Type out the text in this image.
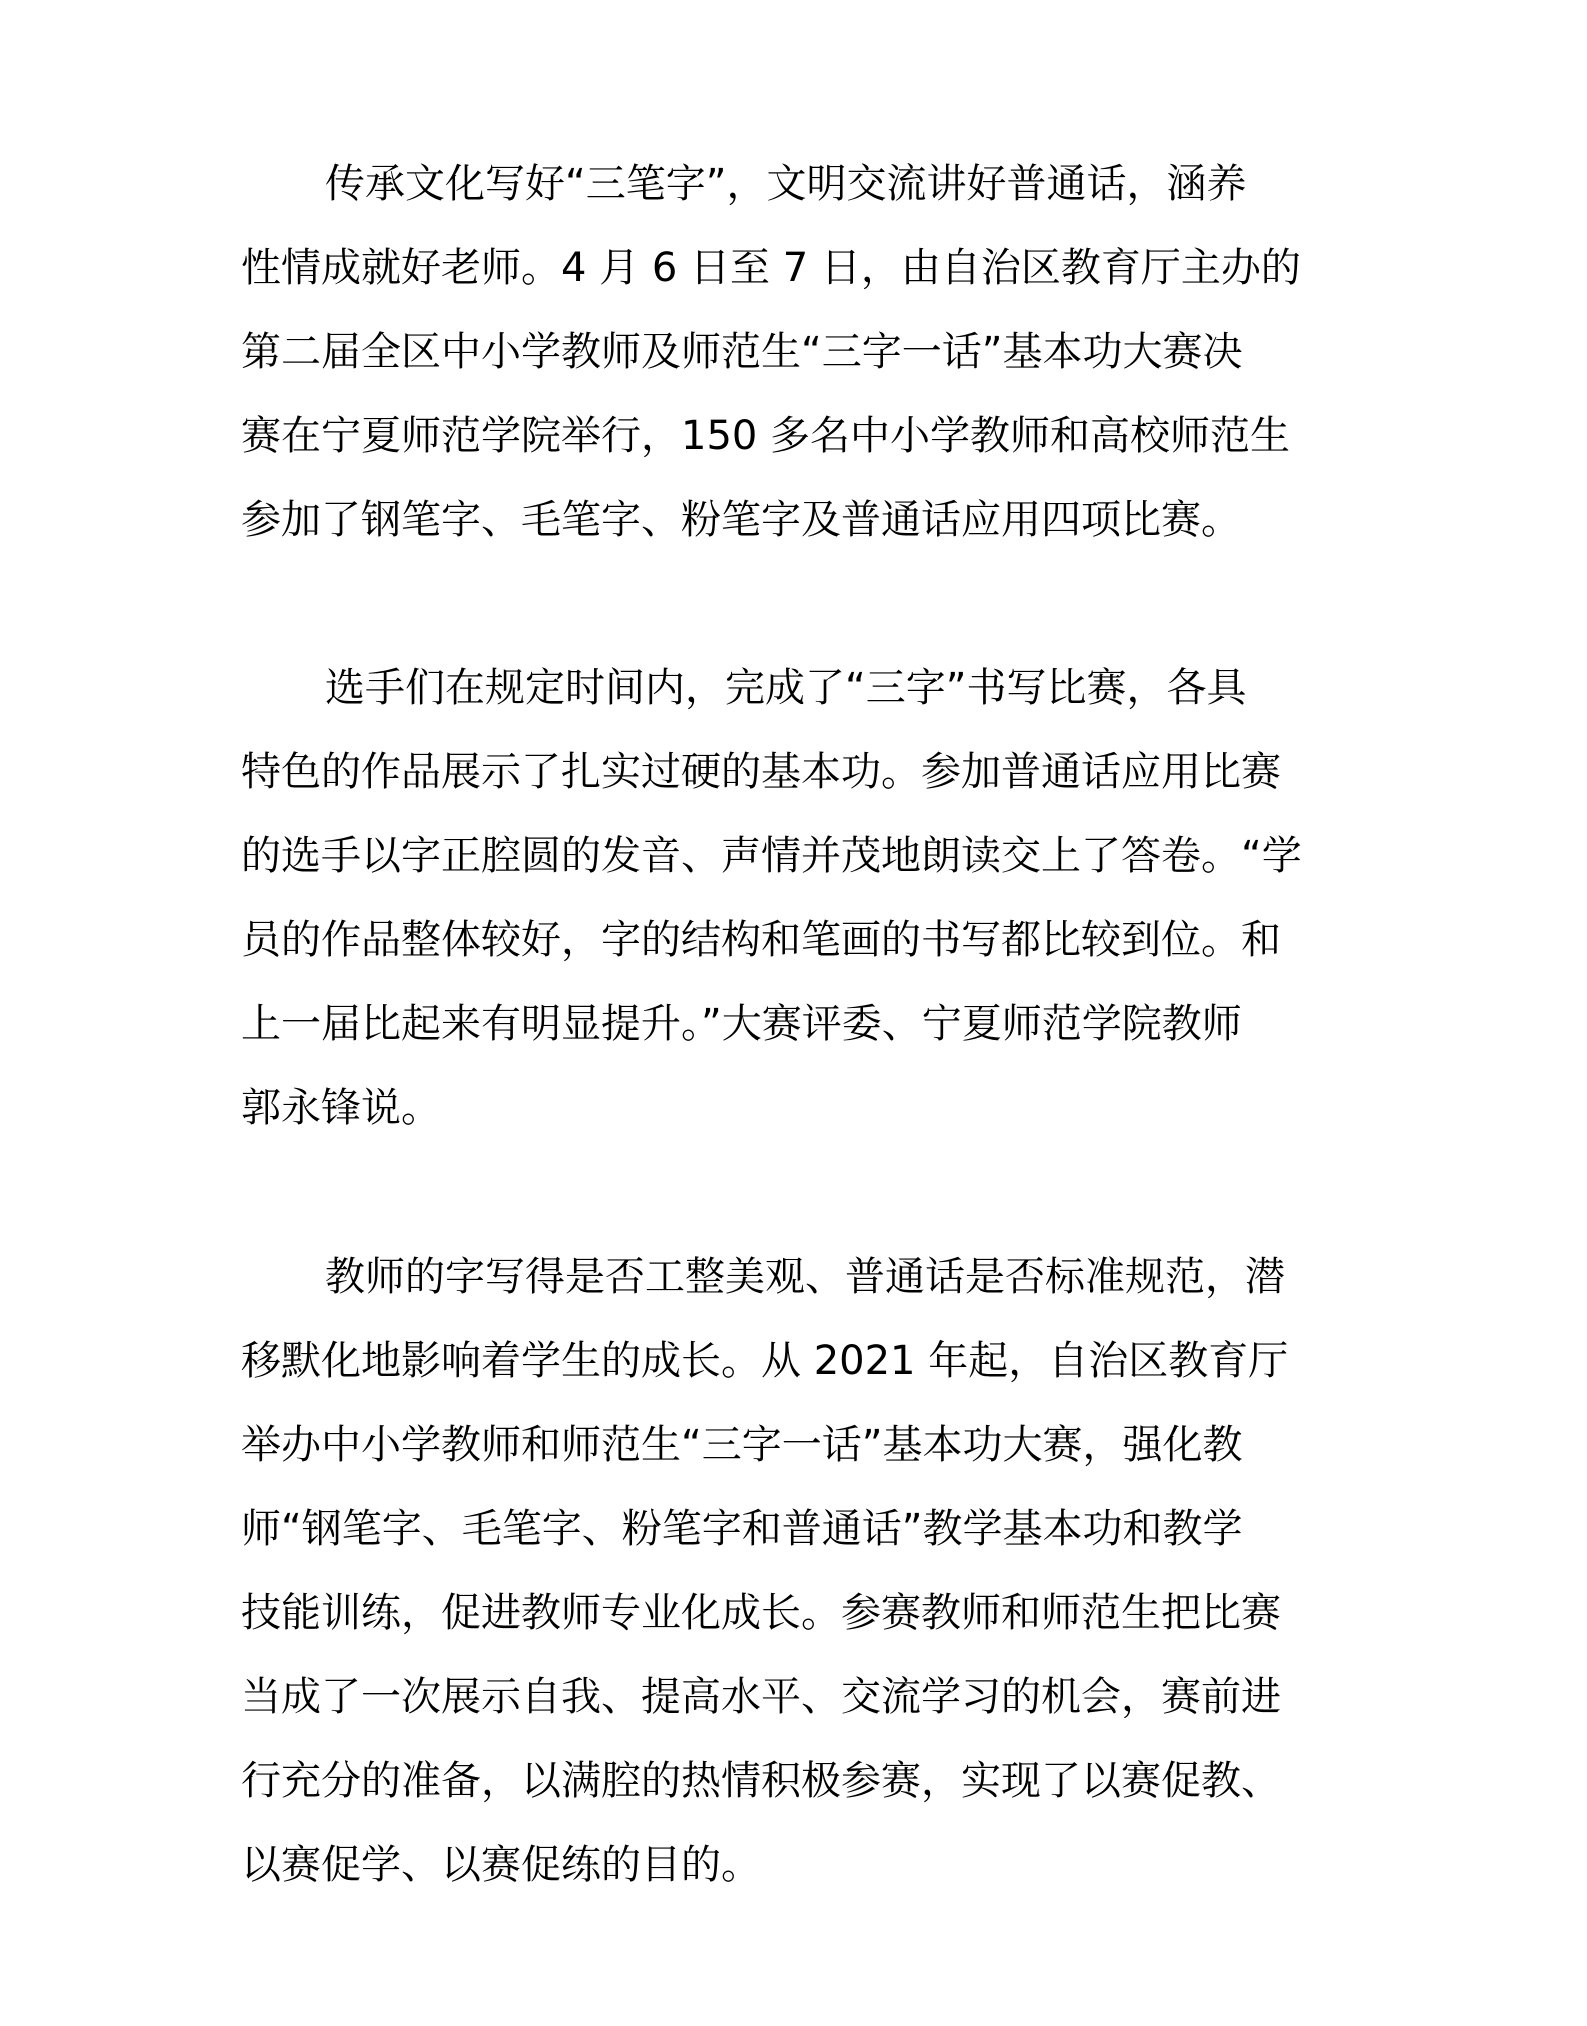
传承文化写好“三笔字”，文明交流讲好普通话，涵养
性情成就好老师。4 月 6 日至 7 日，由自治区教育厅主办的
第二届全区中小学教师及师范生“三字一话”基本功大赛决
赛在宁夏师范学院举行，150 多名中小学教师和高校师范生
参加了钢笔字、毛笔字、粉笔字及普通话应用四项比赛。
选手们在规定时间内，完成了“三字”书写比赛，各具
特色的作品展示了扎实过硬的基本功。参加普通话应用比赛
的选手以字正腔圆的发音、声情并茂地朗读交上了答卷。“学
员的作品整体较好，字的结构和笔画的书写都比较到位。和
上一届比起来有明显提升。”大赛评委、宁夏师范学院教师
郭永锋说。
教师的字写得是否工整美观、普通话是否标准规范，潜
移默化地影响着学生的成长。从 2021 年起，自治区教育厅
举办中小学教师和师范生“三字一话”基本功大赛，强化教
师“钢笔字、毛笔字、粉笔字和普通话”教学基本功和教学
技能训练，促进教师专业化成长。参赛教师和师范生把比赛
当成了一次展示自我、提高水平、交流学习的机会，赛前进
行充分的准备，以满腔的热情积极参赛，实现了以赛促教、
以赛促学、以赛促练的目的。
